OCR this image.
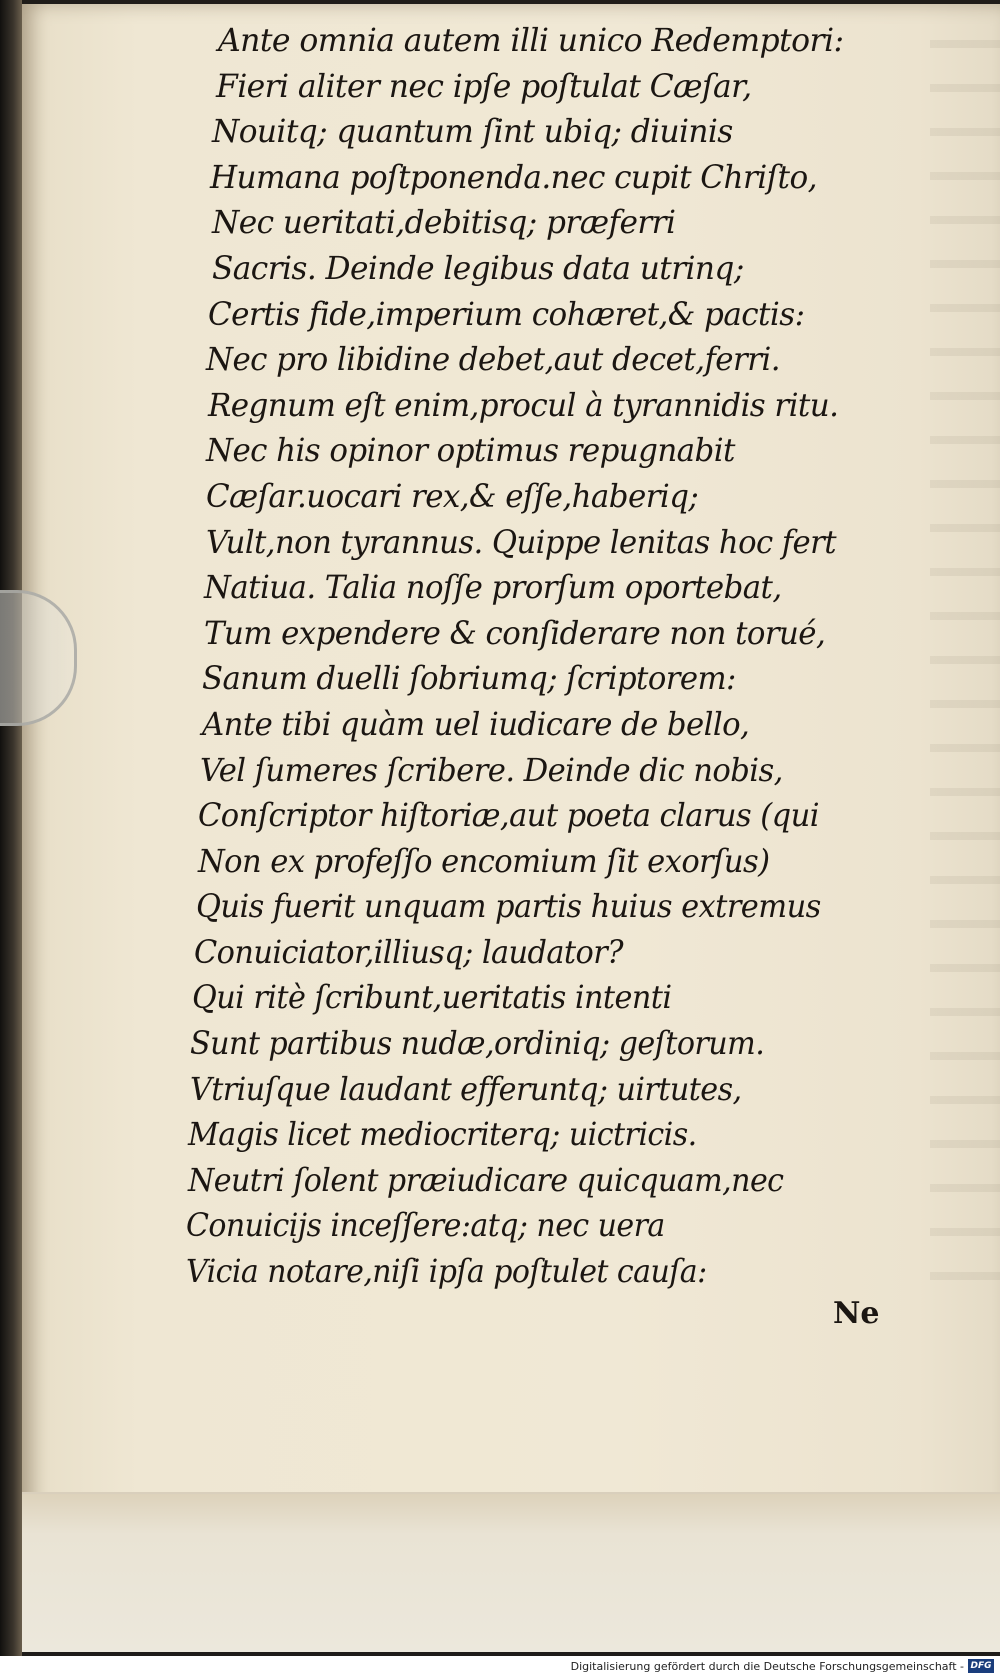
Ante omnia autem illi unico Redemptori:
Fieri aliter nec ipſe poſtulat Cæſar,
Nouitq; quantum ſint ubiq; diuinis
Humana poſtponenda.nec cupit Chriſto,
Nec ueritati,debitisq; præferri
Sacris. Deinde legibus data utrinq;
Certis fide,imperium cohæret,& pactis:
Nec pro libidine debet,aut decet,ferri.
Regnum eſt enim,procul à tyrannidis ritu.
Nec his opinor optimus repugnabit
Cæſar.uocari rex,& eſſe,haberiq;
Vult,non tyrannus. Quippe lenitas hoc fert
Natiua. Talia noſſe prorſum oportebat,
Tum expendere & conſiderare non torué,
Sanum duelli ſobriumq; ſcriptorem:
Ante tibi quàm uel iudicare de bello,
Vel ſumeres ſcribere. Deinde dic nobis,
Conſcriptor hiſtoriæ,aut poeta clarus (qui
Non ex profeſſo encomium ſit exorſus)
Quis fuerit unquam partis huius extremus
Conuiciator,illiusq; laudator?
Qui ritè ſcribunt,ueritatis intenti
Sunt partibus nudæ,ordiniq; geſtorum.
Vtriuſque laudant efferuntq; uirtutes,
Magis licet mediocriterq; uictricis.
Neutri ſolent præiudicare quicquam,nec
Conuicijs inceſſere:atq; nec uera
Vicia notare,niſi ipſa poſtulet cauſa:
Ne
Digitalisierung gefördert durch die Deutsche Forschungsgemeinschaft - DFG
